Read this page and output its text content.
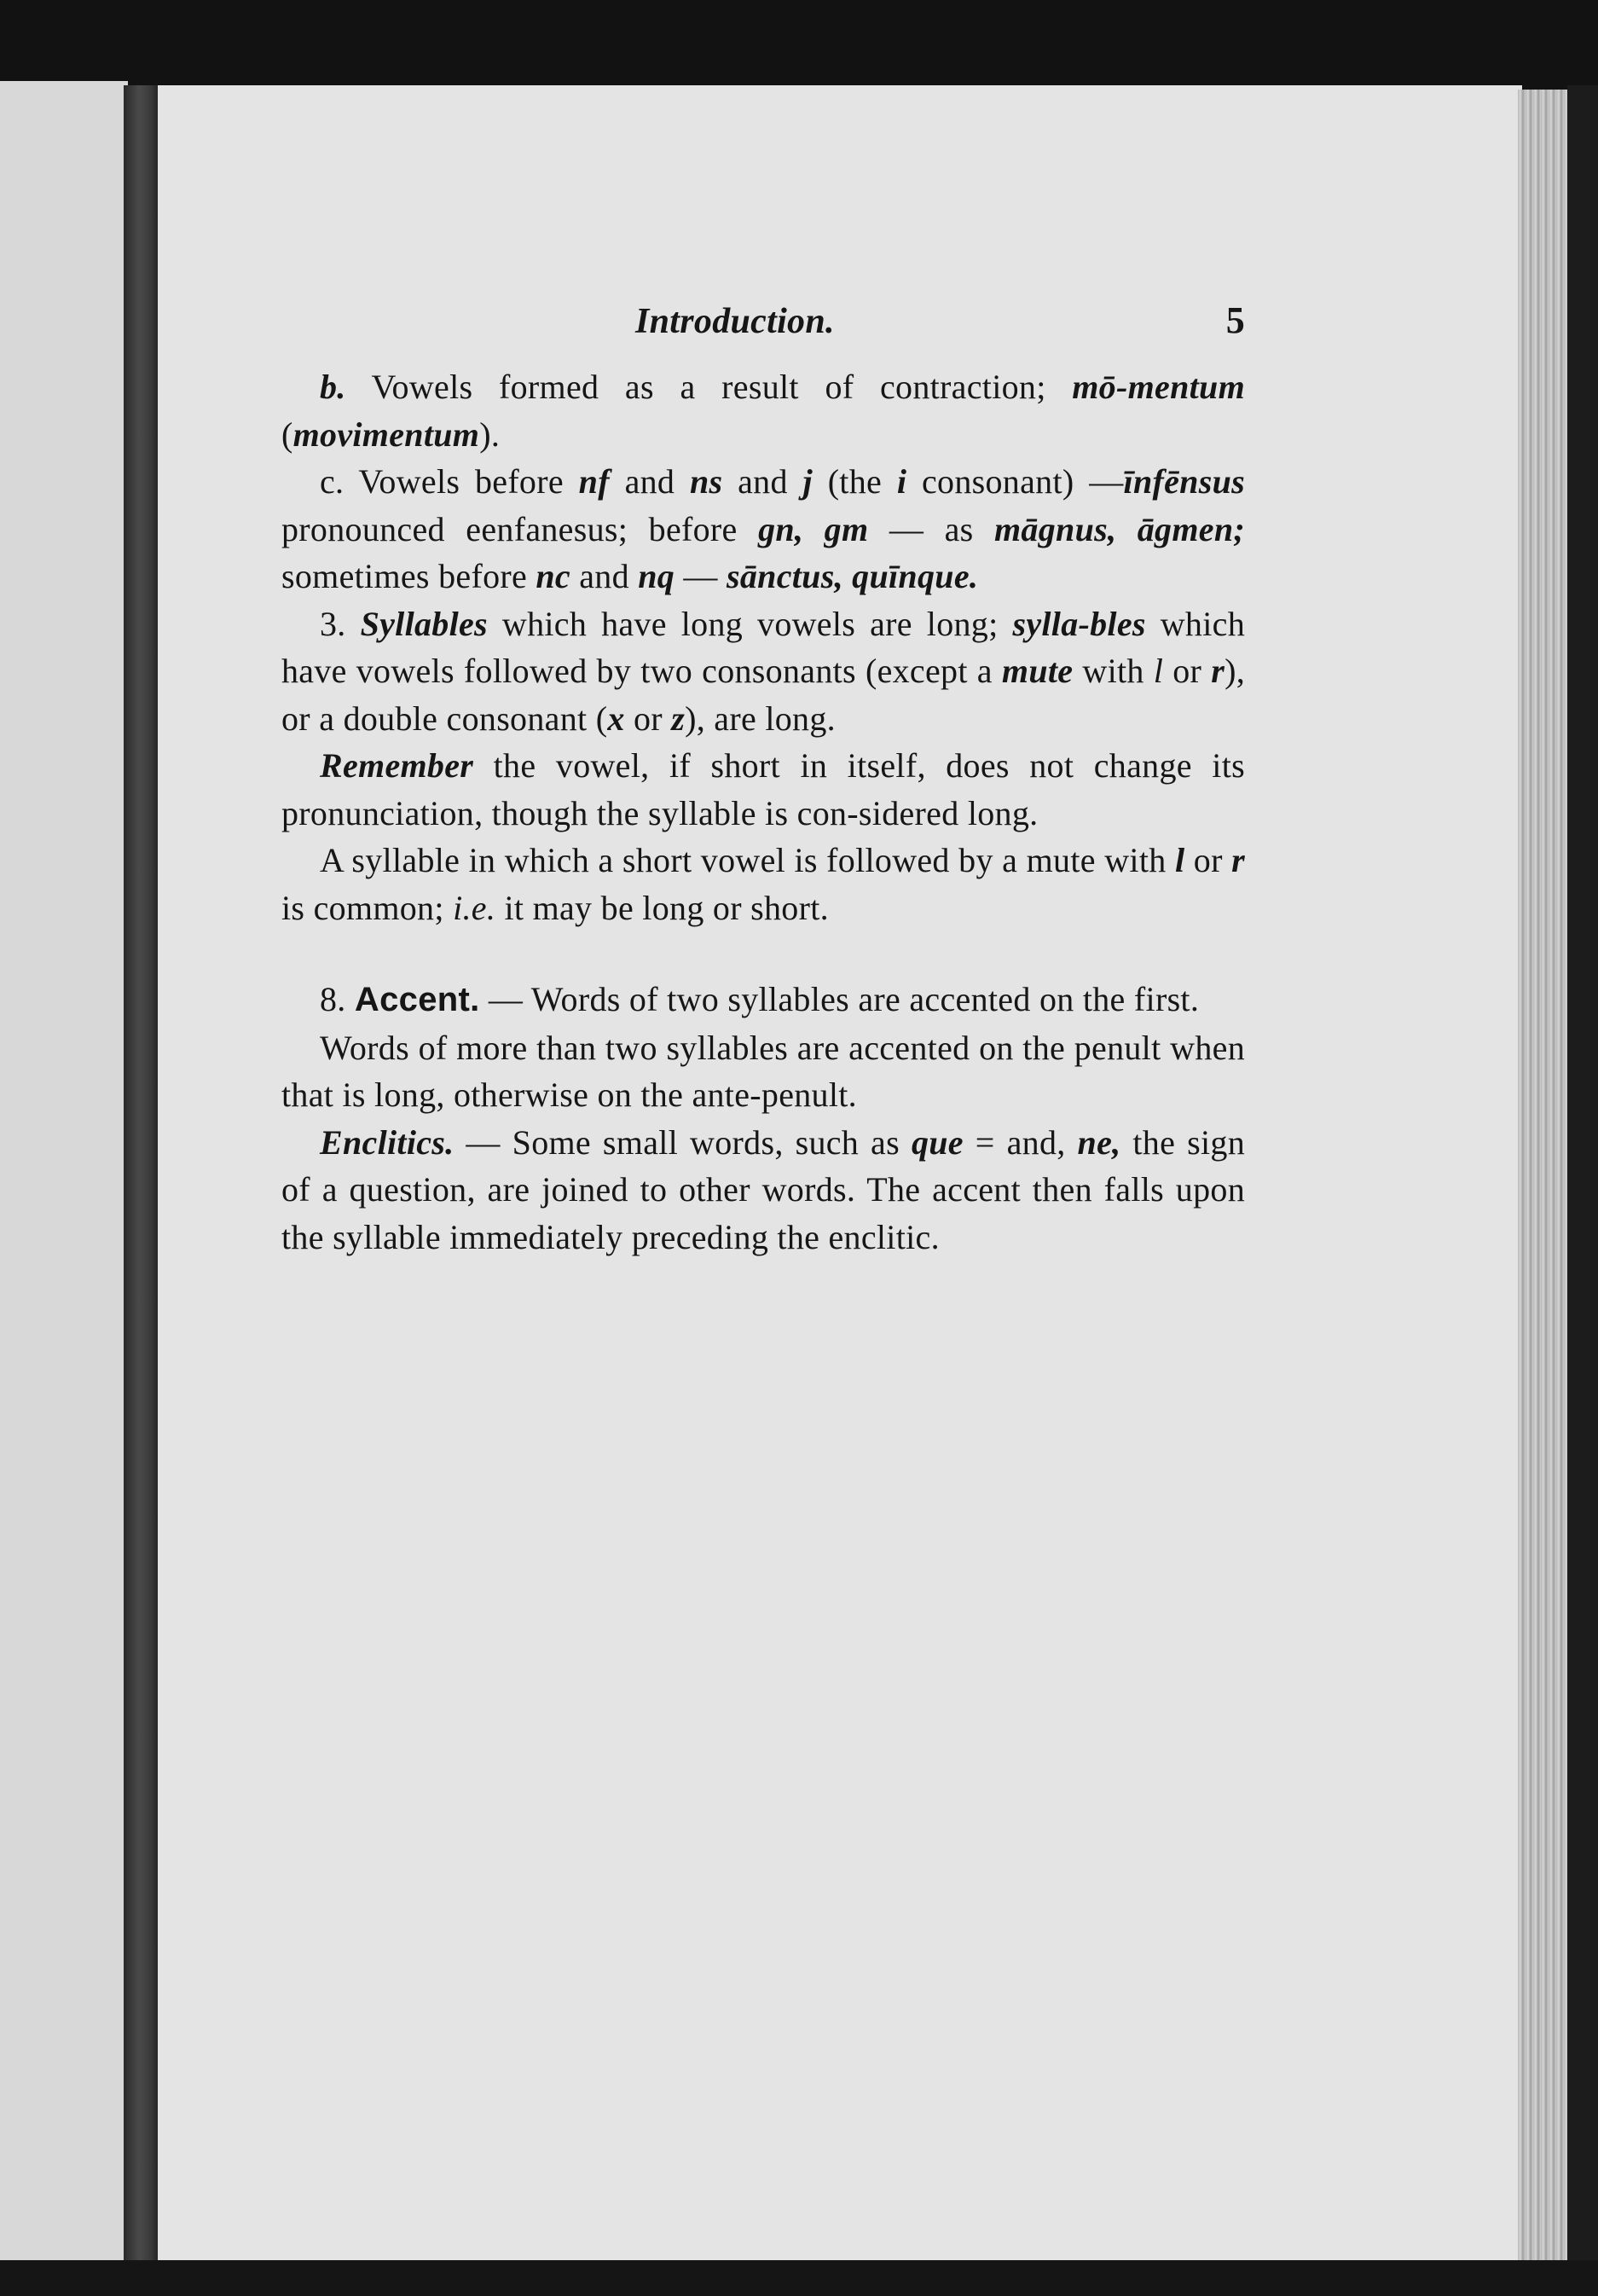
Introduction.	5

b. Vowels formed as a result of contraction; mō-mentum (movimentum).

c. Vowels before nf and ns and j (the i consonant) —īnfēnsus pronounced eenfanesus; before gn, gm — as māgnus, āgmen; sometimes before nc and nq — sānctus, quīnque.

3. Syllables which have long vowels are long; sylla-bles which have vowels followed by two consonants (except a mute with l or r), or a double consonant (x or z), are long.

Remember the vowel, if short in itself, does not change its pronunciation, though the syllable is con-sidered long.

A syllable in which a short vowel is followed by a mute with l or r is common; i.e. it may be long or short.

8. Accent. — Words of two syllables are accented on the first.

Words of more than two syllables are accented on the penult when that is long, otherwise on the ante-penult.

Enclitics. — Some small words, such as que = and, ne, the sign of a question, are joined to other words. The accent then falls upon the syllable immediately preceding the enclitic.
